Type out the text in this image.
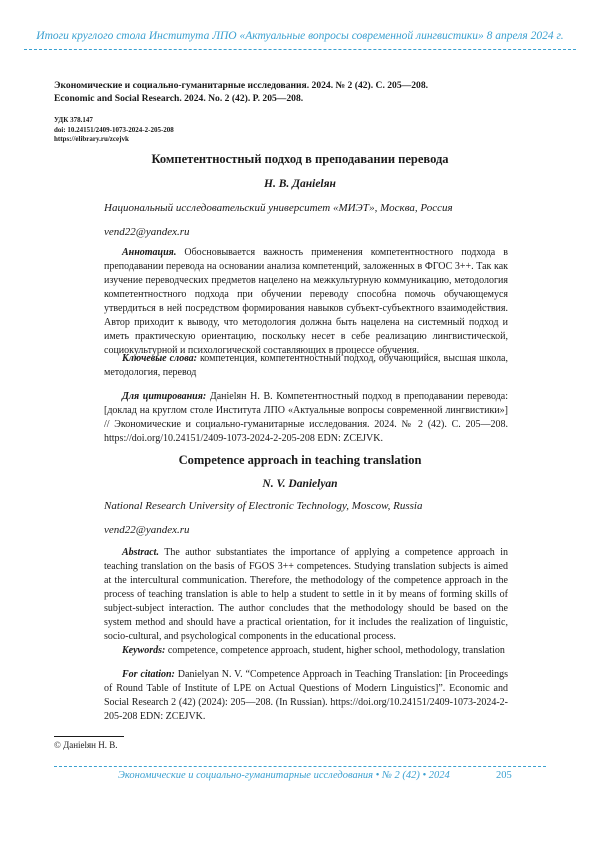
Итоги круглого стола Института ЛПО «Актуальные вопросы современной лингвистики» 8 апреля 2024 г.
Экономические и социально-гуманитарные исследования. 2024. № 2 (42). С. 205—208.
Economic and Social Research. 2024. No. 2 (42). P. 205—208.
УДК 378.147
doi: 10.24151/2409-1073-2024-2-205-208
https://elibrary.ru/zcejvk
Компетентностный подход в преподавании перевода
Н. В. Данielян
Национальный исследовательский университет «МИЭТ», Москва, Россия
vend22@yandex.ru
Аннотация. Обосновывается важность применения компетентностного подхода в преподавании перевода на основании анализа компетенций, заложенных в ФГОС 3++. Так как изучение переводческих предметов нацелено на межкультурную коммуникацию, методология компетентностного подхода при обучении переводу способна помочь обучающемуся утвердиться в ней посредством формирования навыков субъект-субъектного взаимодействия. Автор приходит к выводу, что методология должна быть нацелена на системный подход и иметь практическую ориентацию, поскольку несет в себе реализацию лингвистической, социокультурной и психологической составляющих в процессе обучения.
Ключевые слова: компетенция, компетентностный подход, обучающийся, высшая школа, методология, перевод
Для цитирования: Данielян Н. В. Компетентностный подход в преподавании перевода: [доклад на круглом столе Института ЛПО «Актуальные вопросы современной лингвистики»] // Экономические и социально-гуманитарные исследования. 2024. № 2 (42). С. 205—208. https://doi.org/10.24151/2409-1073-2024-2-205-208 EDN: ZCEJVK.
Competence approach in teaching translation
N. V. Danielyan
National Research University of Electronic Technology, Moscow, Russia
vend22@yandex.ru
Abstract. The author substantiates the importance of applying a competence approach in teaching translation on the basis of FGOS 3++ competences. Studying translation subjects is aimed at the intercultural communication. Therefore, the methodology of the competence approach in the process of teaching translation is able to help a student to settle in it by means of forming skills of subject-subject interaction. The author concludes that the methodology should be based on the system method and should have a practical orientation, for it includes the realization of linguistic, socio-cultural, and psychological components in the educational process.
Keywords: competence, competence approach, student, higher school, methodology, translation
For citation: Danielyan N. V. “Competence Approach in Teaching Translation: [in Proceedings of Round Table of Institute of LPE on Actual Questions of Modern Linguistics]”. Economic and Social Research 2 (42) (2024): 205—208. (In Russian). https://doi.org/10.24151/2409-1073-2024-2-205-208 EDN: ZCEJVK.
© Данielян Н. В.
Экономические и социально-гуманитарные исследования • № 2 (42) • 2024	205
